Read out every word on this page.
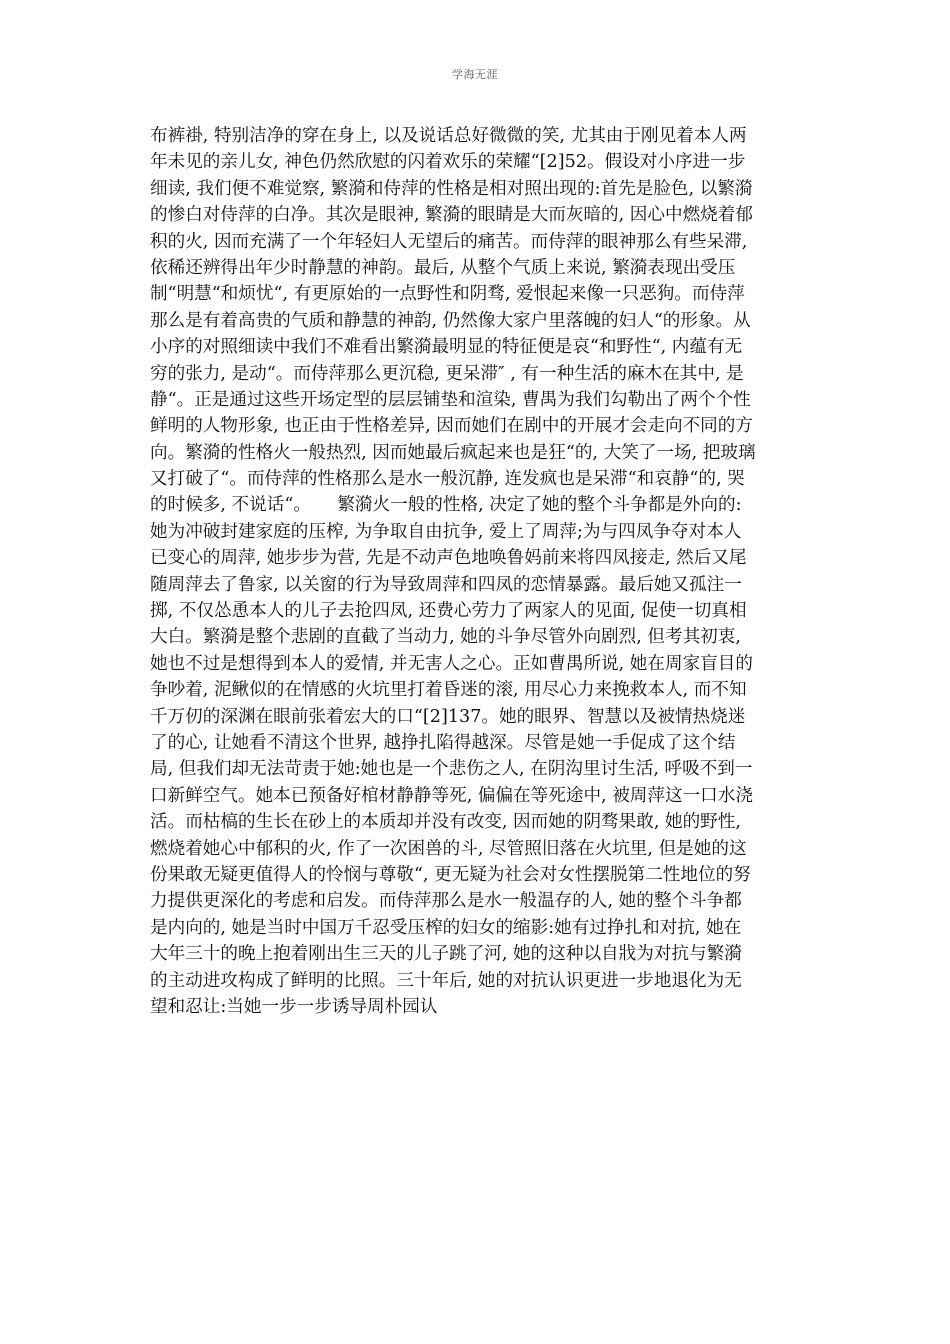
学海无涯
布裤褂, 特别洁净的穿在身上, 以及说话总好微微的笑, 尤其由于刚见着本人两
年未见的亲儿女, 神色仍然欣慰的闪着欢乐的荣耀“[2]52。假设对小序进一步
细读, 我们便不难觉察, 繁漪和侍萍的性格是相对照出现的:首先是脸色, 以繁漪
的惨白对侍萍的白净。其次是眼神, 繁漪的眼睛是大而灰暗的, 因心中燃烧着郁
积的火, 因而充满了一个年轻妇人无望后的痛苦。而侍萍的眼神那么有些呆滞,
依稀还辨得出年少时静慧的神韵。最后, 从整个气质上来说, 繁漪表现出受压
制“明慧“和烦忧“, 有更原始的一点野性和阴骛, 爱恨起来像一只恶狗。而侍萍
那么是有着高贵的气质和静慧的神韵, 仍然像大家户里落魄的妇人“的形象。从
小序的对照细读中我们不难看出繁漪最明显的特征便是哀“和野性“, 内蕴有无
穷的张力, 是动“。而侍萍那么更沉稳, 更呆滞″ , 有一种生活的麻木在其中, 是
静“。正是通过这些开场定型的层层铺垫和渲染, 曹禺为我们勾勒出了两个个性
鲜明的人物形象, 也正由于性格差异, 因而她们在剧中的开展才会走向不同的方
向。繁漪的性格火一般热烈, 因而她最后疯起来也是狂“的, 大笑了一场, 把玻璃
又打破了“。而侍萍的性格那么是水一般沉静, 连发疯也是呆滞“和哀静“的, 哭
的时候多, 不说话“。　　繁漪火一般的性格, 决定了她的整个斗争都是外向的:
她为冲破封建家庭的压榨, 为争取自由抗争, 爱上了周萍;为与四凤争夺对本人
已变心的周萍, 她步步为营, 先是不动声色地唤鲁妈前来将四凤接走, 然后又尾
随周萍去了鲁家, 以关窗的行为导致周萍和四凤的恋情暴露。最后她又孤注一
掷, 不仅怂恿本人的儿子去抢四凤, 还费心劳力了两家人的见面, 促使一切真相
大白。繁漪是整个悲剧的直截了当动力, 她的斗争尽管外向剧烈, 但考其初衷,
她也不过是想得到本人的爱情, 并无害人之心。正如曹禺所说, 她在周家盲目的
争吵着, 泥鳅似的在情感的火坑里打着昏迷的滚, 用尽心力来挽救本人, 而不知
千万仞的深渊在眼前张着宏大的口“[2]137。她的眼界、智慧以及被情热烧迷
了的心, 让她看不清这个世界, 越挣扎陷得越深。尽管是她一手促成了这个结
局, 但我们却无法苛责于她:她也是一个悲伤之人, 在阴沟里讨生活, 呼吸不到一
口新鲜空气。她本已预备好棺材静静等死, 偏偏在等死途中, 被周萍这一口水浇
活。而枯槁的生长在砂上的本质却并没有改变, 因而她的阴骛果敢, 她的野性,
燃烧着她心中郁积的火, 作了一次困兽的斗, 尽管照旧落在火坑里, 但是她的这
份果敢无疑更值得人的怜悯与尊敬“, 更无疑为社会对女性摆脱第二性地位的努
力提供更深化的考虑和启发。而侍萍那么是水一般温存的人, 她的整个斗争都
是内向的, 她是当时中国万千忍受压榨的妇女的缩影:她有过挣扎和对抗, 她在
大年三十的晚上抱着刚出生三天的儿子跳了河, 她的这种以自戕为对抗与繁漪
的主动进攻构成了鲜明的比照。三十年后, 她的对抗认识更进一步地退化为无
望和忍让:当她一步一步诱导周朴园认
